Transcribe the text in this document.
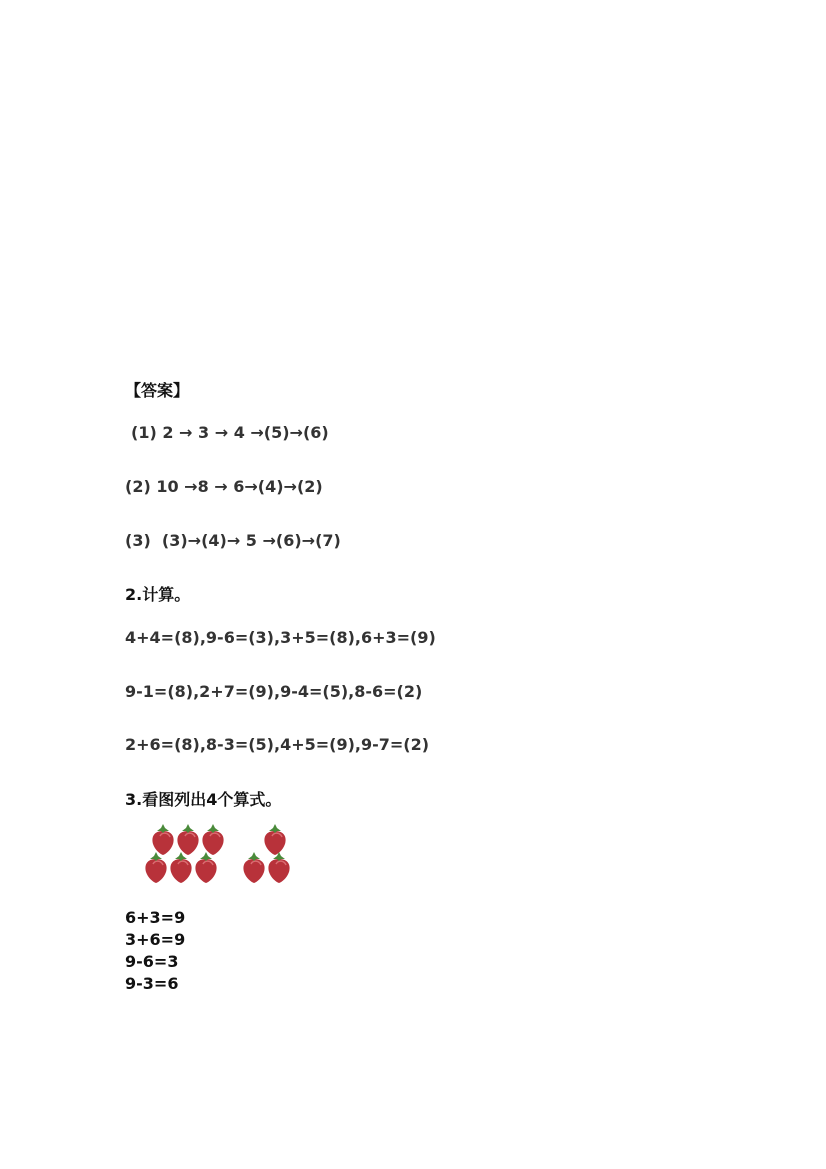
【答案】
(1) 2 → 3 → 4 →(5)→(6)
(2) 10 →8 → 6→(4)→(2)
(3)  (3)→(4)→ 5 →(6)→(7)
2.计算。
4+4=(8),9-6=(3),3+5=(8),6+3=(9)
9-1=(8),2+7=(9),9-4=(5),8-6=(2)
2+6=(8),8-3=(5),4+5=(9),9-7=(2)
3.看图列出4个算式。
6+3=9
3+6=9
9-6=3
9-3=6
